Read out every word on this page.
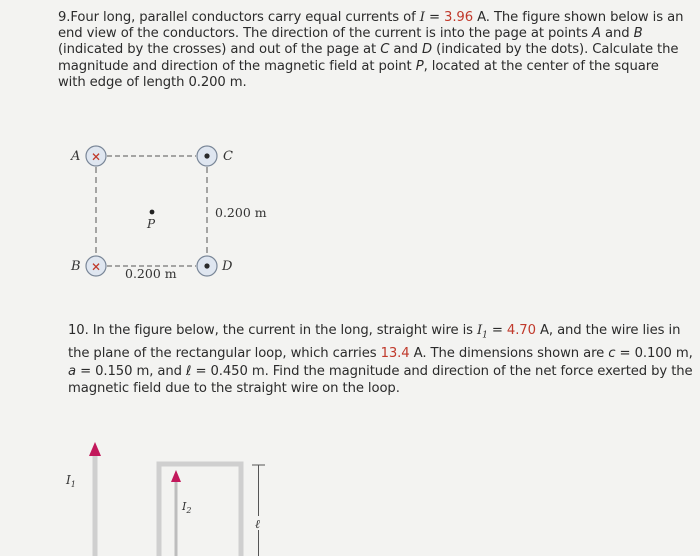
9.Four long, parallel conductors carry equal currents of I = 3.96 A. The figure shown below is an end view of the conductors. The direction of the current is into the page at points A and B (indicated by the crosses) and out of the page at C and D (indicated by the dots). Calculate the magnitude and direction of the magnetic field at point P, located at the center of the square with edge of length 0.200 m.
×
A	C
×
B	D
P
0.200 m
0.200 m
10. In the figure below, the current in the long, straight wire is $I_1 = 4.70$ A, and the wire lies in the plane of the rectangular loop, which carries 13.4 A. The dimensions shown are c = 0.100 m, a = 0.150 m, and ℓ = 0.450 m. Find the magnitude and direction of the net force exerted by the magnetic field due to the straight wire on the loop.
$I_1$
$I_2$
ℓ
